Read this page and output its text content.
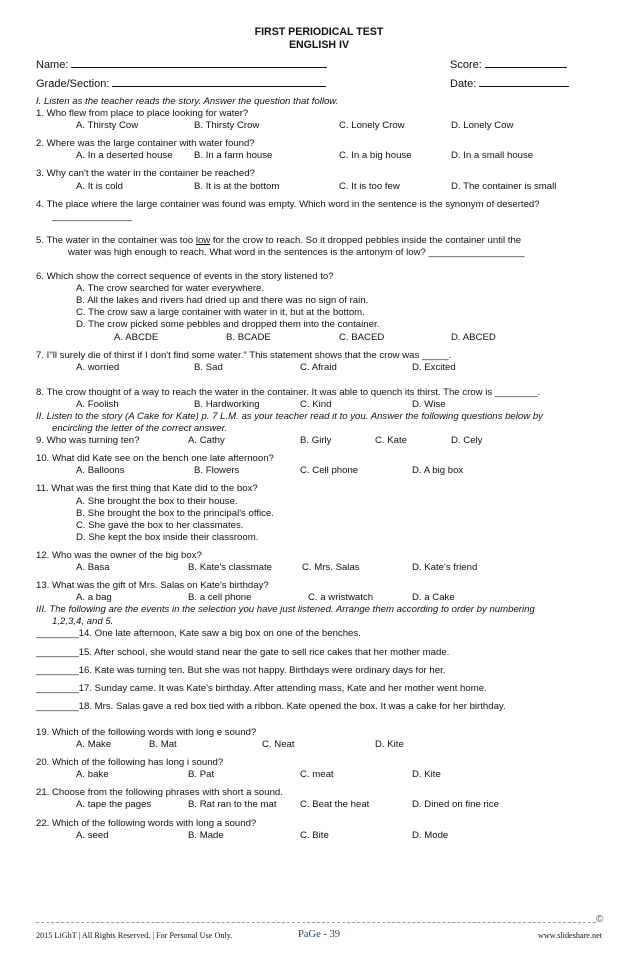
FIRST PERIODICAL TEST
ENGLISH IV
Name:	Score:
Grade/Section:	Date:
I. Listen as the teacher reads the story. Answer the question that follow.
1. Who flew from place to place looking for water?
A. Thirsty Cow	B. Thirsty Crow	C. Lonely Crow	D. Lonely Cow
2. Where was the large container with water found?
A. In a deserted house B. In a farm house	C. In a big house	D. In a small house
3. Why can't the water in the container be reached?
A. It is cold	B. It is at the bottom	C. It is too few	D. The container is small
4. The place where the large container was found was empty. Which word in the sentence is the synonym of deserted?
_______________
5. The water in the container was too low for the crow to reach. So it dropped pebbles inside the container until the
water was high enough to reach. What word in the sentences is the antonym of low? __________________
6. Which show the correct sequence of events in the story listened to?
A. The crow searched for water everywhere.
B. All the lakes and rivers had dried up and there was no sign of rain.
C. The crow saw a large container with water in it, but at the bottom.
D. The crow picked some pebbles and dropped them into the container.
A. ABCDE	B. BCADE	C. BACED	D. ABCED
7. I"ll surely die of thirst if I don't find some water." This statement shows that the crow was _____.
A. worried	B. Sad	C. Afraid	D. Excited
8. The crow thought of a way to reach the water in the container. It was able to quench its thirst. The crow is ________.
A. Foolish	B. Hardworking	C. Kind	D. Wise
II. Listen to the story (A Cake for Kate) p. 7 L.M. as your teacher read it to you. Answer the following questions below by
encircling the letter of the correct answer.
9. Who was turning ten?	A. Cathy	B. Girly	C. Kate	D. Cely
10. What did Kate see on the bench one late afternoon?
A. Balloons	B. Flowers	C. Cell phone	D. A big box
11. What was the first thing that Kate did to the box?
A. She brought the box to their house.
B. She brought the box to the principal's office.
C. She gave the box to her classmates.
D. She kept the box inside their classroom.
12. Who was the owner of the big box?
A. Basa	B. Kate's classmate	C. Mrs. Salas	D. Kate's friend
13. What was the gift of Mrs. Salas on Kate's birthday?
A. a bag	B. a cell phone	C. a wristwatch	D. a Cake
III. The following are the events in the selection you have just listened. Arrange them according to order by numbering
1,2,3,4, and 5.
________14. One late afternoon, Kate saw a big box on one of the benches.
________15. After school, she would stand near the gate to sell rice cakes that her mother made.
________16. Kate was turning ten. But she was not happy. Birthdays were ordinary days for her.
________17. Sunday came. It was Kate's birthday. After attending mass, Kate and her mother went home.
________18. Mrs. Salas gave a red box tied with a ribbon. Kate opened the box. It was a cake for her birthday.
19. Which of the following words with long e sound?
A. Make	B. Mat	C. Neat	D. Kite
20. Which of the following has long i sound?
A. bake	B. Pat	C. meat	D. Kite
21. Choose from the following phrases with short a sound.
A. tape the pages	B. Rat ran to the mat C. Beat the heat	D. Dined on fine rice
22. Which of the following words with long a sound?
A. seed	B. Made	C. Bite	D. Mode
©
2015 LiGhT | All Rights Reserved. | For Personal Use Only.	PaGe - 39	www.slideshare.net
